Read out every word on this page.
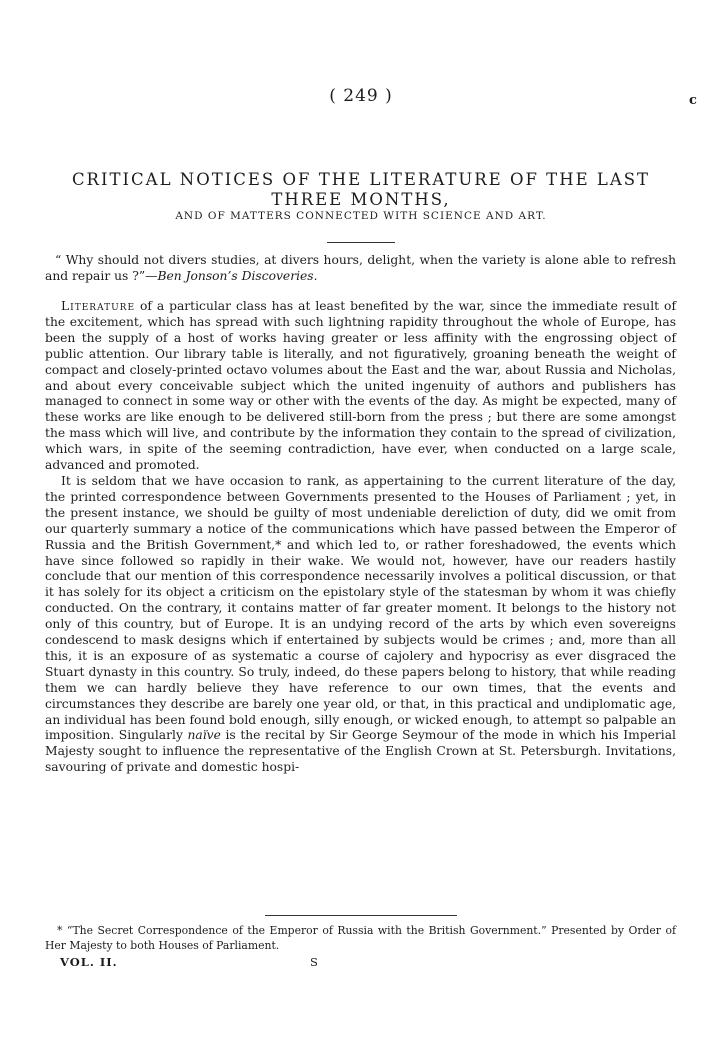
( 249 )	c
CRITICAL NOTICES OF THE LITERATURE OF THE LAST
THREE MONTHS,
AND OF MATTERS CONNECTED WITH SCIENCE AND ART.
“ Why should not divers studies, at divers hours, delight, when the variety is alone able to refresh and repair us ?”—Ben Jonson’s Discoveries.

Literature of a particular class has at least benefited by the war, since the immediate result of the excitement, which has spread with such lightning rapidity throughout the whole of Europe, has been the supply of a host of works having greater or less affinity with the engrossing object of public attention. Our library table is literally, and not figuratively, groaning beneath the weight of compact and closely-printed octavo volumes about the East and the war, about Russia and Nicholas, and about every conceivable subject which the united ingenuity of authors and publishers has managed to connect in some way or other with the events of the day. As might be expected, many of these works are like enough to be delivered still-born from the press ; but there are some amongst the mass which will live, and contribute by the information they contain to the spread of civilization, which wars, in spite of the seeming contradiction, have ever, when conducted on a large scale, advanced and promoted.

It is seldom that we have occasion to rank, as appertaining to the current literature of the day, the printed correspondence between Governments presented to the Houses of Parliament ; yet, in the present instance, we should be guilty of most undeniable dereliction of duty, did we omit from our quarterly summary a notice of the communications which have passed between the Emperor of Russia and the British Government,* and which led to, or rather foreshadowed, the events which have since followed so rapidly in their wake. We would not, however, have our readers hastily conclude that our mention of this correspondence necessarily involves a political discussion, or that it has solely for its object a criticism on the epistolary style of the statesman by whom it was chiefly conducted. On the contrary, it contains matter of far greater moment. It belongs to the history not only of this country, but of Europe. It is an undying record of the arts by which even sovereigns condescend to mask designs which if entertained by subjects would be crimes ; and, more than all this, it is an exposure of as systematic a course of cajolery and hypocrisy as ever disgraced the Stuart dynasty in this country. So truly, indeed, do these papers belong to history, that while reading them we can hardly believe they have reference to our own times, that the events and circumstances they describe are barely one year old, or that, in this practical and undiplomatic age, an individual has been found bold enough, silly enough, or wicked enough, to attempt so palpable an imposition. Singularly naïve is the recital by Sir George Seymour of the mode in which his Imperial Majesty sought to influence the representative of the English Crown at St. Petersburgh. Invitations, savouring of private and domestic hospi-

* “The Secret Correspondence of the Emperor of Russia with the British Government.” Presented by Order of Her Majesty to both Houses of Parliament.
VOL. II.	S
